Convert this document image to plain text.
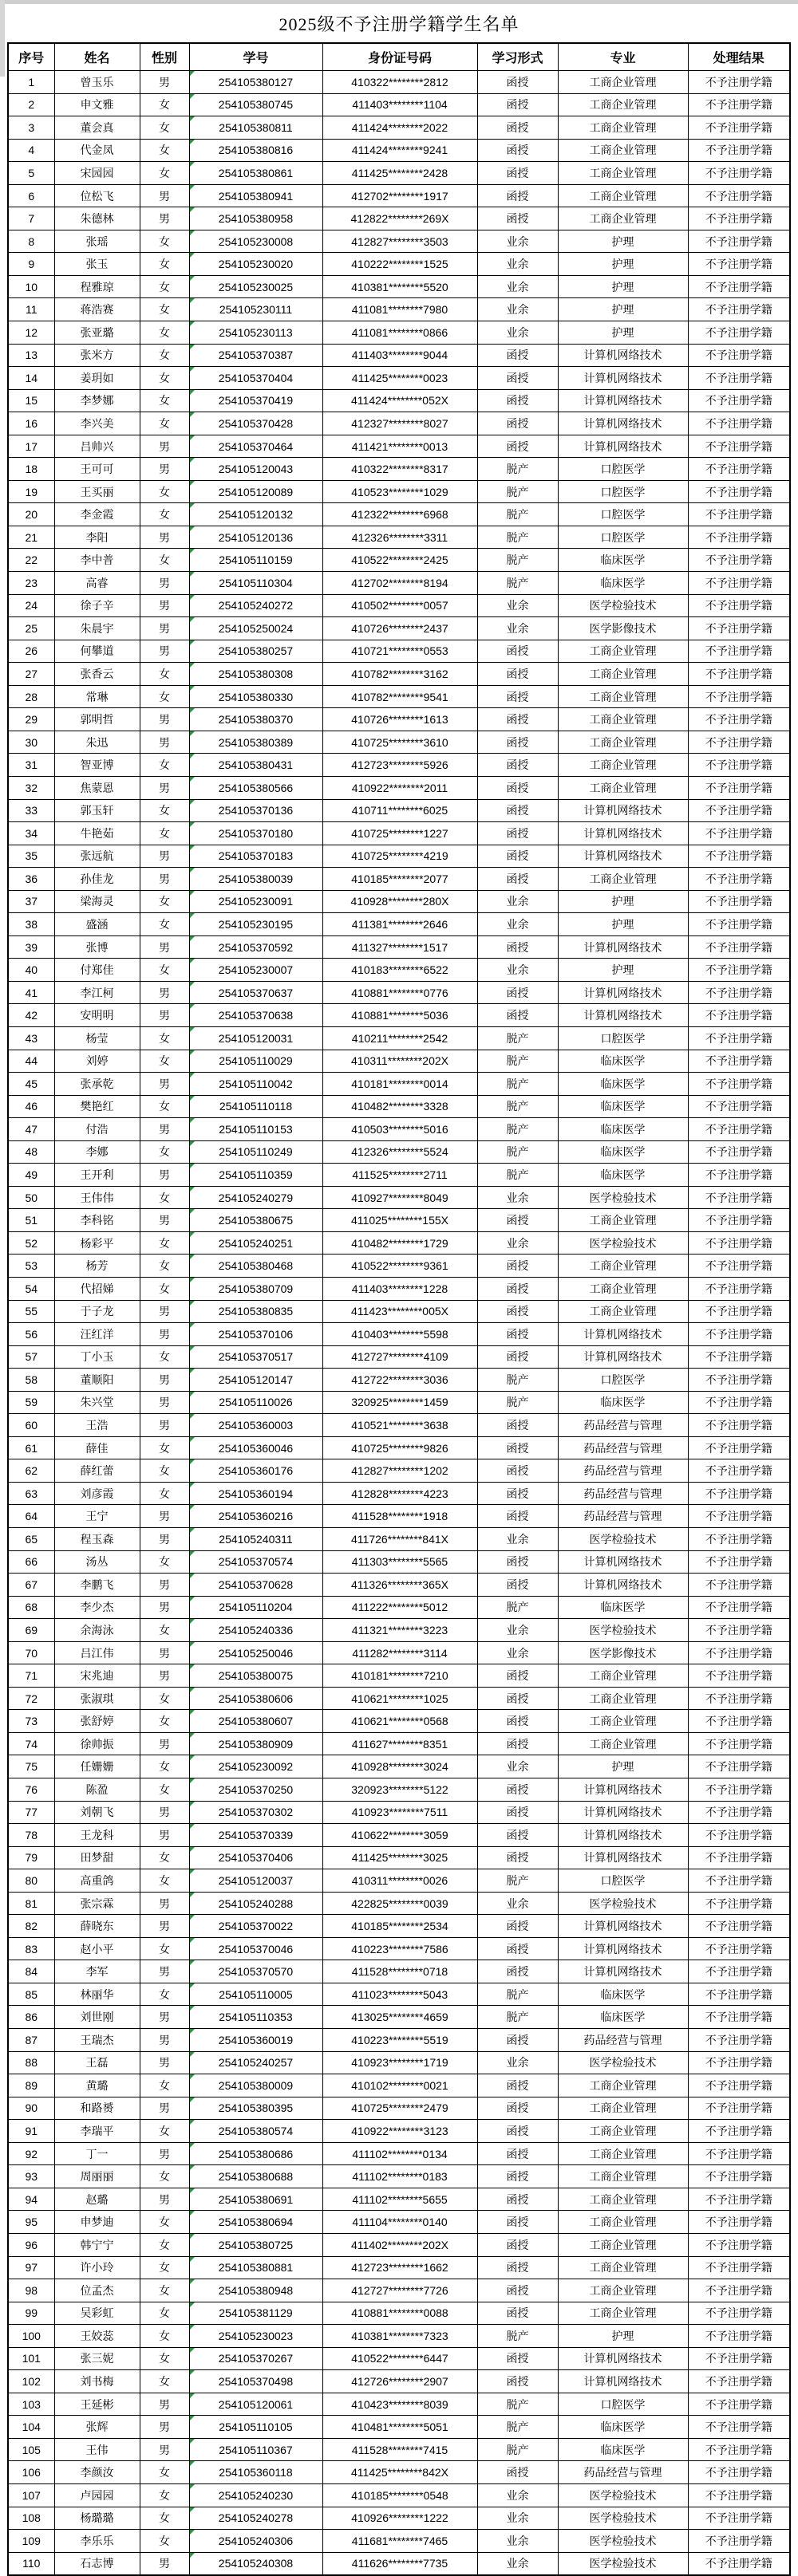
2025级不予注册学籍学生名单
序号	姓名	性别	学号	身份证号码	学习形式	专业	处理结果
1	曾玉乐	男	254105380127	410322********2812	函授	工商企业管理	不予注册学籍
2	申文雅	女	254105380745	411403********1104	函授	工商企业管理	不予注册学籍
3	董会真	女	254105380811	411424********2022	函授	工商企业管理	不予注册学籍
4	代金凤	女	254105380816	411424********9241	函授	工商企业管理	不予注册学籍
5	宋园园	女	254105380861	411425********2428	函授	工商企业管理	不予注册学籍
6	位松飞	男	254105380941	412702********1917	函授	工商企业管理	不予注册学籍
7	朱德林	男	254105380958	412822********269X	函授	工商企业管理	不予注册学籍
8	张瑶	女	254105230008	412827********3503	业余	护理	不予注册学籍
9	张玉	女	254105230020	410222********1525	业余	护理	不予注册学籍
10	程雅琼	女	254105230025	410381********5520	业余	护理	不予注册学籍
11	蒋浩赛	女	254105230111	411081********7980	业余	护理	不予注册学籍
12	张亚璐	女	254105230113	411081********0866	业余	护理	不予注册学籍
13	张米方	女	254105370387	411403********9044	函授	计算机网络技术	不予注册学籍
14	姜玥如	女	254105370404	411425********0023	函授	计算机网络技术	不予注册学籍
15	李梦娜	女	254105370419	411424********052X	函授	计算机网络技术	不予注册学籍
16	李兴美	女	254105370428	412327********8027	函授	计算机网络技术	不予注册学籍
17	吕帅兴	男	254105370464	411421********0013	函授	计算机网络技术	不予注册学籍
18	王可可	男	254105120043	410322********8317	脱产	口腔医学	不予注册学籍
19	王买丽	女	254105120089	410523********1029	脱产	口腔医学	不予注册学籍
20	李金霞	女	254105120132	412322********6968	脱产	口腔医学	不予注册学籍
21	李阳	男	254105120136	412326********3311	脱产	口腔医学	不予注册学籍
22	李中普	女	254105110159	410522********2425	脱产	临床医学	不予注册学籍
23	高睿	男	254105110304	412702********8194	脱产	临床医学	不予注册学籍
24	徐子辛	男	254105240272	410502********0057	业余	医学检验技术	不予注册学籍
25	朱晨宇	男	254105250024	410726********2437	业余	医学影像技术	不予注册学籍
26	何攀道	男	254105380257	410721********0553	函授	工商企业管理	不予注册学籍
27	张香云	女	254105380308	410782********3162	函授	工商企业管理	不予注册学籍
28	常琳	女	254105380330	410782********9541	函授	工商企业管理	不予注册学籍
29	郭明哲	男	254105380370	410726********1613	函授	工商企业管理	不予注册学籍
30	朱迅	男	254105380389	410725********3610	函授	工商企业管理	不予注册学籍
31	智亚博	女	254105380431	412723********5926	函授	工商企业管理	不予注册学籍
32	焦蒙恩	男	254105380566	410922********2011	函授	工商企业管理	不予注册学籍
33	郭玉轩	女	254105370136	410711********6025	函授	计算机网络技术	不予注册学籍
34	牛艳茹	女	254105370180	410725********1227	函授	计算机网络技术	不予注册学籍
35	张远航	男	254105370183	410725********4219	函授	计算机网络技术	不予注册学籍
36	孙佳龙	男	254105380039	410185********2077	函授	工商企业管理	不予注册学籍
37	梁海灵	女	254105230091	410928********280X	业余	护理	不予注册学籍
38	盛涵	女	254105230195	411381********2646	业余	护理	不予注册学籍
39	张博	男	254105370592	411327********1517	函授	计算机网络技术	不予注册学籍
40	付郑佳	女	254105230007	410183********6522	业余	护理	不予注册学籍
41	李江柯	男	254105370637	410881********0776	函授	计算机网络技术	不予注册学籍
42	安明明	男	254105370638	410881********5036	函授	计算机网络技术	不予注册学籍
43	杨莹	女	254105120031	410211********2542	脱产	口腔医学	不予注册学籍
44	刘婷	女	254105110029	410311********202X	脱产	临床医学	不予注册学籍
45	张承乾	男	254105110042	410181********0014	脱产	临床医学	不予注册学籍
46	樊艳红	女	254105110118	410482********3328	脱产	临床医学	不予注册学籍
47	付浩	男	254105110153	410503********5016	脱产	临床医学	不予注册学籍
48	李娜	女	254105110249	412326********5524	脱产	临床医学	不予注册学籍
49	王开利	男	254105110359	411525********2711	脱产	临床医学	不予注册学籍
50	王伟伟	女	254105240279	410927********8049	业余	医学检验技术	不予注册学籍
51	李科铭	男	254105380675	411025********155X	函授	工商企业管理	不予注册学籍
52	杨彩平	女	254105240251	410482********1729	业余	医学检验技术	不予注册学籍
53	杨芳	女	254105380468	410522********9361	函授	工商企业管理	不予注册学籍
54	代招娣	女	254105380709	411403********1228	函授	工商企业管理	不予注册学籍
55	于子龙	男	254105380835	411423********005X	函授	工商企业管理	不予注册学籍
56	汪红洋	男	254105370106	410403********5598	函授	计算机网络技术	不予注册学籍
57	丁小玉	女	254105370517	412727********4109	函授	计算机网络技术	不予注册学籍
58	董顺阳	男	254105120147	412722********3036	脱产	口腔医学	不予注册学籍
59	朱兴堂	男	254105110026	320925********1459	脱产	临床医学	不予注册学籍
60	王浩	男	254105360003	410521********3638	函授	药品经营与管理	不予注册学籍
61	薛佳	女	254105360046	410725********9826	函授	药品经营与管理	不予注册学籍
62	薛红蕾	女	254105360176	412827********1202	函授	药品经营与管理	不予注册学籍
63	刘彦霞	女	254105360194	412828********4223	函授	药品经营与管理	不予注册学籍
64	王宁	男	254105360216	411528********1918	函授	药品经营与管理	不予注册学籍
65	程玉森	男	254105240311	411726********841X	业余	医学检验技术	不予注册学籍
66	汤丛	女	254105370574	411303********5565	函授	计算机网络技术	不予注册学籍
67	李鹏飞	男	254105370628	411326********365X	函授	计算机网络技术	不予注册学籍
68	李少杰	男	254105110204	411222********5012	脱产	临床医学	不予注册学籍
69	余海泳	女	254105240336	411321********3223	业余	医学检验技术	不予注册学籍
70	吕江伟	男	254105250046	411282********3114	业余	医学影像技术	不予注册学籍
71	宋兆迪	男	254105380075	410181********7210	函授	工商企业管理	不予注册学籍
72	张淑琪	女	254105380606	410621********1025	函授	工商企业管理	不予注册学籍
73	张舒婷	女	254105380607	410621********0568	函授	工商企业管理	不予注册学籍
74	徐帅振	男	254105380909	411627********8351	函授	工商企业管理	不予注册学籍
75	任姗姗	女	254105230092	410928********3024	业余	护理	不予注册学籍
76	陈盈	女	254105370250	320923********5122	函授	计算机网络技术	不予注册学籍
77	刘朝飞	男	254105370302	410923********7511	函授	计算机网络技术	不予注册学籍
78	王龙科	男	254105370339	410622********3059	函授	计算机网络技术	不予注册学籍
79	田梦甜	女	254105370406	411425********3025	函授	计算机网络技术	不予注册学籍
80	高重鸽	女	254105120037	410311********0026	脱产	口腔医学	不予注册学籍
81	张宗霖	男	254105240288	422825********0039	业余	医学检验技术	不予注册学籍
82	薛晓东	男	254105370022	410185********2534	函授	计算机网络技术	不予注册学籍
83	赵小平	女	254105370046	410223********7586	函授	计算机网络技术	不予注册学籍
84	李军	男	254105370570	411528********0718	函授	计算机网络技术	不予注册学籍
85	林丽华	女	254105110005	411023********5043	脱产	临床医学	不予注册学籍
86	刘世刚	男	254105110353	413025********4659	脱产	临床医学	不予注册学籍
87	王瑞杰	男	254105360019	410223********5519	函授	药品经营与管理	不予注册学籍
88	王磊	男	254105240257	410923********1719	业余	医学检验技术	不予注册学籍
89	黄璐	女	254105380009	410102********0021	函授	工商企业管理	不予注册学籍
90	和路赟	男	254105380395	410725********2479	函授	工商企业管理	不予注册学籍
91	李瑞平	女	254105380574	410922********3123	函授	工商企业管理	不予注册学籍
92	丁一	男	254105380686	411102********0134	函授	工商企业管理	不予注册学籍
93	周丽丽	女	254105380688	411102********0183	函授	工商企业管理	不予注册学籍
94	赵璐	男	254105380691	411102********5655	函授	工商企业管理	不予注册学籍
95	申梦迪	女	254105380694	411104********0140	函授	工商企业管理	不予注册学籍
96	韩宁宁	女	254105380725	411402********202X	函授	工商企业管理	不予注册学籍
97	许小玲	女	254105380881	412723********1662	函授	工商企业管理	不予注册学籍
98	位孟杰	女	254105380948	412727********7726	函授	工商企业管理	不予注册学籍
99	吴彩虹	女	254105381129	410881********0088	函授	工商企业管理	不予注册学籍
100	王姣蕊	女	254105230023	410381********7323	脱产	护理	不予注册学籍
101	张三妮	女	254105370267	410522********6447	函授	计算机网络技术	不予注册学籍
102	刘书梅	女	254105370498	412726********2907	函授	计算机网络技术	不予注册学籍
103	王延彬	男	254105120061	410423********8039	脱产	口腔医学	不予注册学籍
104	张辉	男	254105110105	410481********5051	脱产	临床医学	不予注册学籍
105	王伟	男	254105110367	411528********7415	脱产	临床医学	不予注册学籍
106	李颜汝	女	254105360118	411425********842X	函授	药品经营与管理	不予注册学籍
107	卢园园	女	254105240230	410185********0548	业余	医学检验技术	不予注册学籍
108	杨璐璐	女	254105240278	410926********1222	业余	医学检验技术	不予注册学籍
109	李乐乐	女	254105240306	411681********7465	业余	医学检验技术	不予注册学籍
110	石志博	男	254105240308	411626********7735	业余	医学检验技术	不予注册学籍
